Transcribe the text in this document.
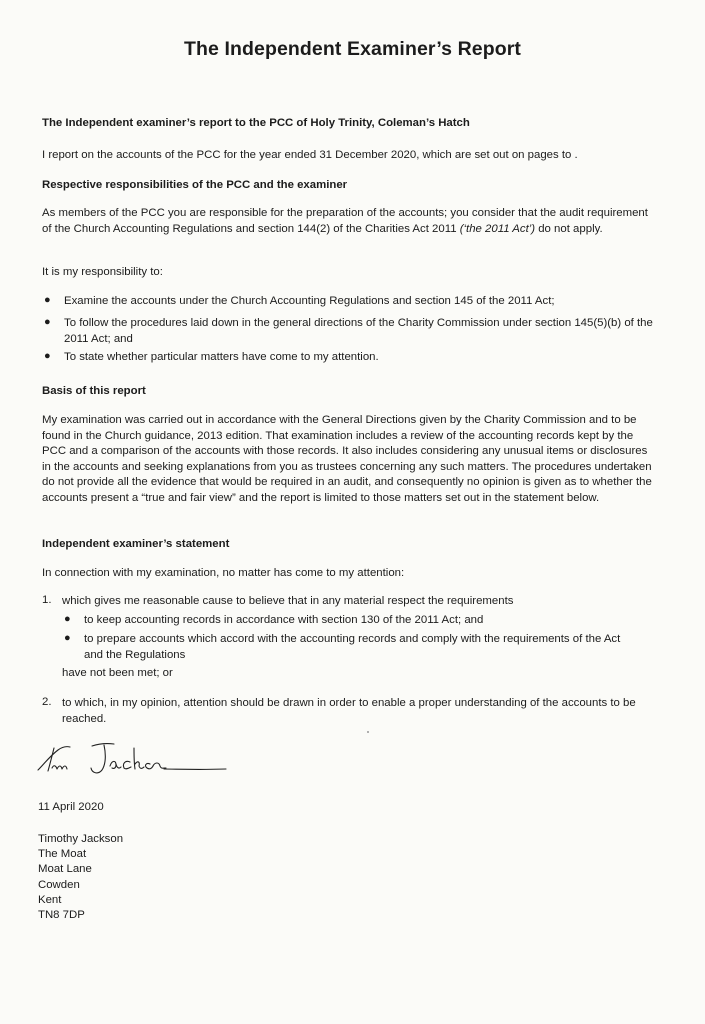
The Independent Examiner’s Report
The Independent examiner’s report to the PCC of Holy Trinity, Coleman’s Hatch
I report on the accounts of the PCC for the year ended 31 December 2020, which are set out on pages to .
Respective responsibilities of the PCC and the examiner
As members of the PCC you are responsible for the preparation of the accounts; you consider that the audit requirement of the Church Accounting Regulations and section 144(2) of the Charities Act 2011 (‘the 2011 Act’) do not apply.
It is my responsibility to:
● Examine the accounts under the Church Accounting Regulations and section 145 of the 2011 Act;
● To follow the procedures laid down in the general directions of the Charity Commission under section 145(5)(b) of the 2011 Act; and
● To state whether particular matters have come to my attention.
Basis of this report
My examination was carried out in accordance with the General Directions given by the Charity Commission and to be found in the Church guidance, 2013 edition. That examination includes a review of the accounting records kept by the PCC and a comparison of the accounts with those records. It also includes considering any unusual items or disclosures in the accounts and seeking explanations from you as trustees concerning any such matters. The procedures undertaken do not provide all the evidence that would be required in an audit, and consequently no opinion is given as to whether the accounts present a “true and fair view” and the report is limited to those matters set out in the statement below.
Independent examiner’s statement
In connection with my examination, no matter has come to my attention:
1. which gives me reasonable cause to believe that in any material respect the requirements
● to keep accounting records in accordance with section 130 of the 2011 Act; and
● to prepare accounts which accord with the accounting records and comply with the requirements of the Act and the Regulations
have not been met; or
2. to which, in my opinion, attention should be drawn in order to enable a proper understanding of the accounts to be reached.
11 April 2020
Timothy Jackson
The Moat
Moat Lane
Cowden
Kent
TN8 7DP
